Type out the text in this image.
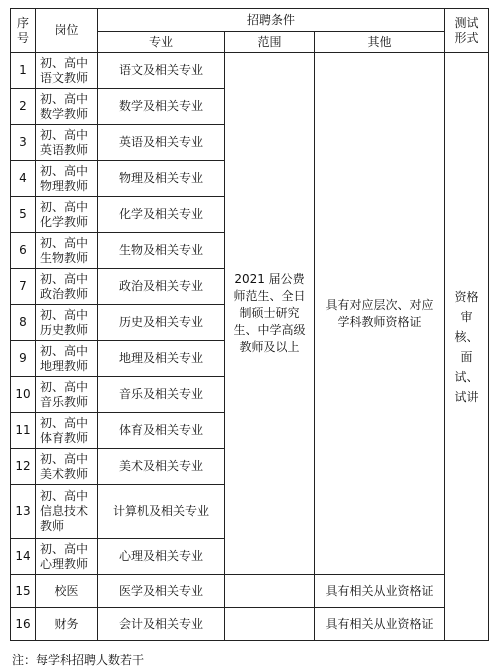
序
号	岗位	招聘条件			测试
形式
		专业	范围	其他	
1	初、高中
语文教师	语文及相关专业	2021 届公费师范生、全日制硕士研究生、中学高级教师及以上	具有对应层次、对应学科教师资格证	资格审核、面试、试讲
2	初、高中
数学教师	数学及相关专业			
3	初、高中
英语教师	英语及相关专业			
4	初、高中
物理教师	物理及相关专业			
5	初、高中
化学教师	化学及相关专业			
6	初、高中
生物教师	生物及相关专业			
7	初、高中
政治教师	政治及相关专业			
8	初、高中
历史教师	历史及相关专业			
9	初、高中
地理教师	地理及相关专业			
10	初、高中
音乐教师	音乐及相关专业			
11	初、高中
体育教师	体育及相关专业			
12	初、高中
美术教师	美术及相关专业			
13	初、高中
信息技术
教师	计算机及相关专业			
14	初、高中
心理教师	心理及相关专业			
15	校医	医学及相关专业		具有相关从业资格证	
16	财务	会计及相关专业		具有相关从业资格证	
注：每学科招聘人数若干
